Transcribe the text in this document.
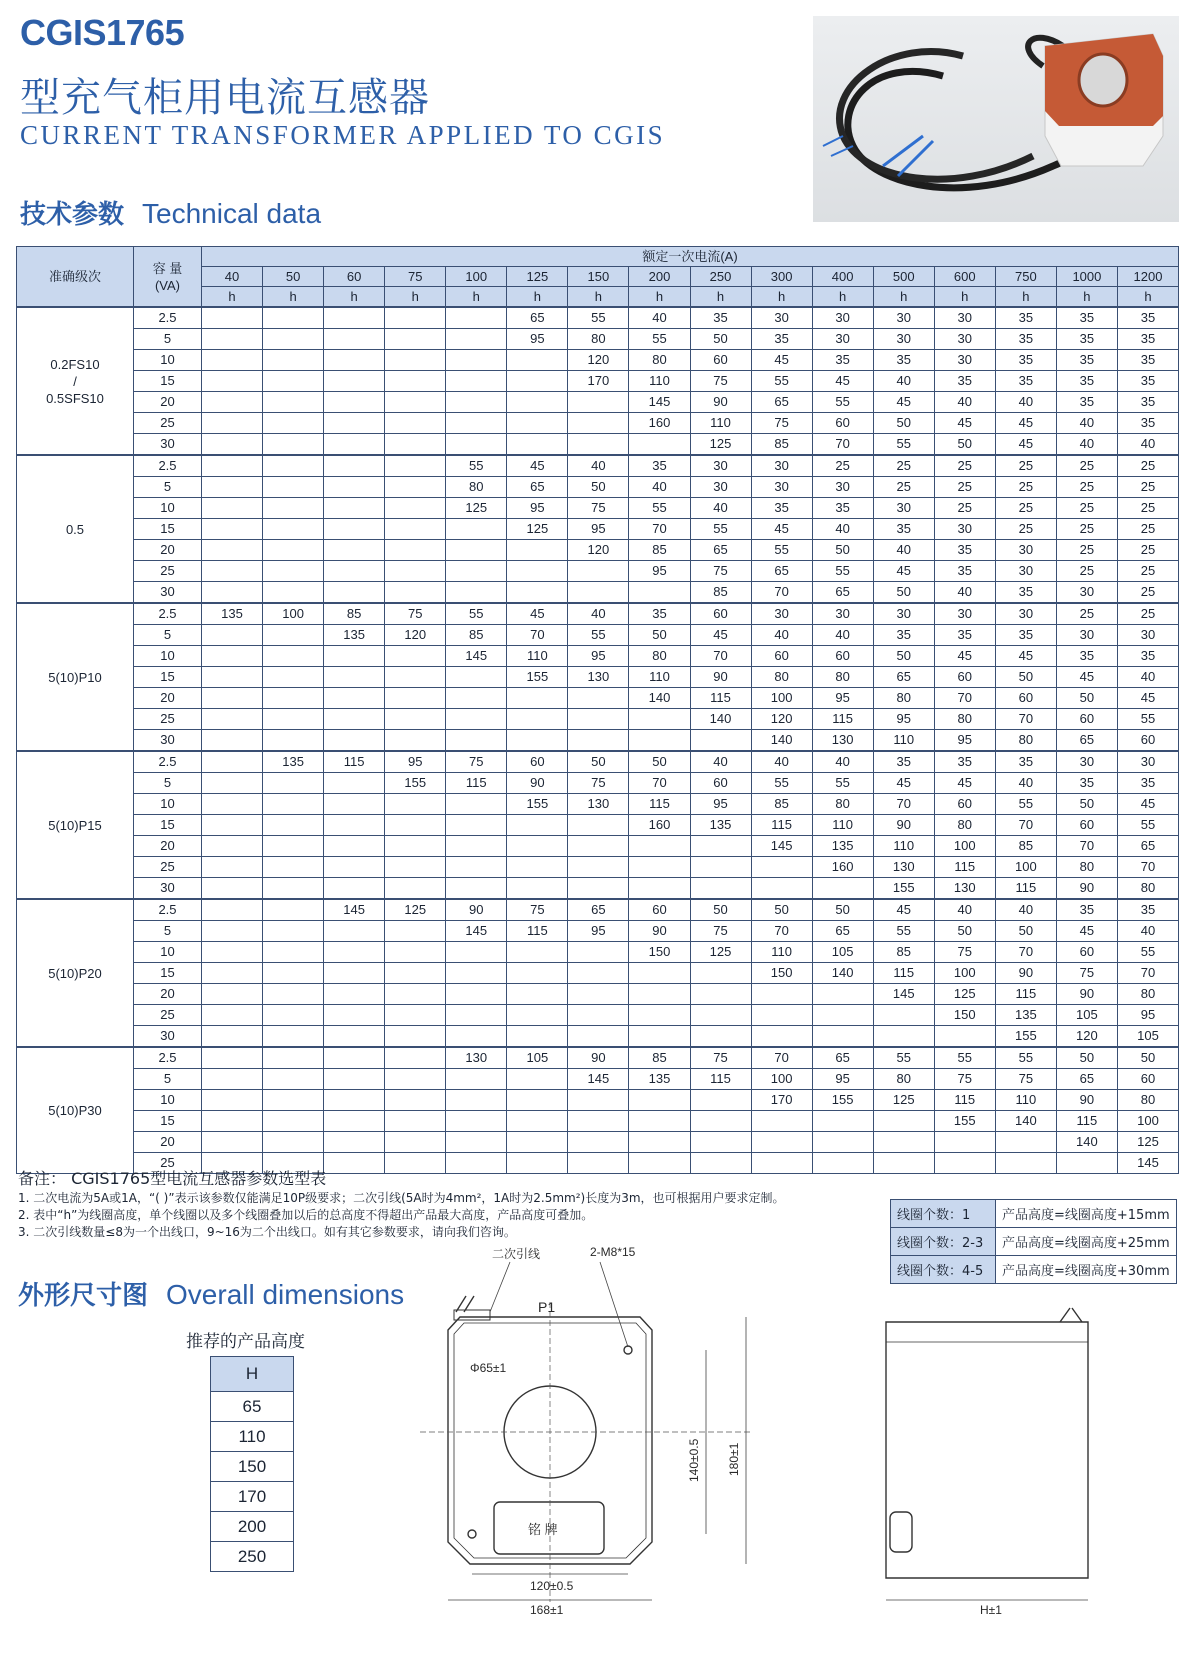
CGIS1765
型充气柜用电流互感器
CURRENT TRANSFORMER APPLIED TO CGIS
技术参数 Technical data
准确级次	容 量
(VA)	额定一次电流(A)															
		40	50	60	75	100	125	150	200	250	300	400	500	600	750	1000	1200
		h	h	h	h	h	h	h	h	h	h	h	h	h	h	h	h

0.2FS10
/
0.5SFS10	2.5						65	55	40	35	30	30	30	30	35	35	35
	5						95	80	55	50	35	30	30	30	35	35	35
	10							120	80	60	45	35	35	30	35	35	35
	15							170	110	75	55	45	40	35	35	35	35
	20								145	90	65	55	45	40	40	35	35
	25								160	110	75	60	50	45	45	40	35
	30									125	85	70	55	50	45	40	40

0.5	2.5					55	45	40	35	30	30	25	25	25	25	25	25
	5					80	65	50	40	30	30	30	25	25	25	25	25
	10					125	95	75	55	40	35	35	30	25	25	25	25
	15						125	95	70	55	45	40	35	30	25	25	25
	20							120	85	65	55	50	40	35	30	25	25
	25								95	75	65	55	45	35	30	25	25
	30									85	70	65	50	40	35	30	25

5(10)P10	2.5	135	100	85	75	55	45	40	35	60	30	30	30	30	30	25	25
	5			135	120	85	70	55	50	45	40	40	35	35	35	30	30
	10					145	110	95	80	70	60	60	50	45	45	35	35
	15						155	130	110	90	80	80	65	60	50	45	40
	20								140	115	100	95	80	70	60	50	45
	25									140	120	115	95	80	70	60	55
	30										140	130	110	95	80	65	60

5(10)P15	2.5		135	115	95	75	60	50	50	40	40	40	35	35	35	30	30
	5				155	115	90	75	70	60	55	55	45	45	40	35	35
	10						155	130	115	95	85	80	70	60	55	50	45
	15								160	135	115	110	90	80	70	60	55
	20										145	135	110	100	85	70	65
	25											160	130	115	100	80	70
	30												155	130	115	90	80

5(10)P20	2.5			145	125	90	75	65	60	50	50	50	45	40	40	35	35
	5					145	115	95	90	75	70	65	55	50	50	45	40
	10								150	125	110	105	85	75	70	60	55
	15										150	140	115	100	90	75	70
	20												145	125	115	90	80
	25													150	135	105	95
	30														155	120	105

5(10)P30	2.5					130	105	90	85	75	70	65	55	55	55	50	50
	5							145	135	115	100	95	80	75	75	65	60
	10										170	155	125	115	110	90	80
	15													155	140	115	100
	20															140	125
	25																145
备注： CGIS1765型电流互感器参数选型表
1. 二次电流为5A或1A，“( )”表示该参数仅能满足10P级要求；二次引线(5A时为4mm²，1A时为2.5mm²)长度为3m，也可根据用户要求定制。
2. 表中“h”为线圈高度，单个线圈以及多个线圈叠加以后的总高度不得超出产品最大高度，产品高度可叠加。
3. 二次引线数量≤8为一个出线口，9~16为二个出线口。如有其它参数要求，请向我们咨询。
线圈个数：1	产品高度=线圈高度+15mm
线圈个数：2-3	产品高度=线圈高度+25mm
线圈个数：4-5	产品高度=线圈高度+30mm
外形尺寸图 Overall dimensions
推荐的产品高度
H
65
110
150
170
200
250
二次引线	2-M8*15
P1
Φ65±1
铭 牌
140±0.5 180±1
120±0.5
168±1	H±1
